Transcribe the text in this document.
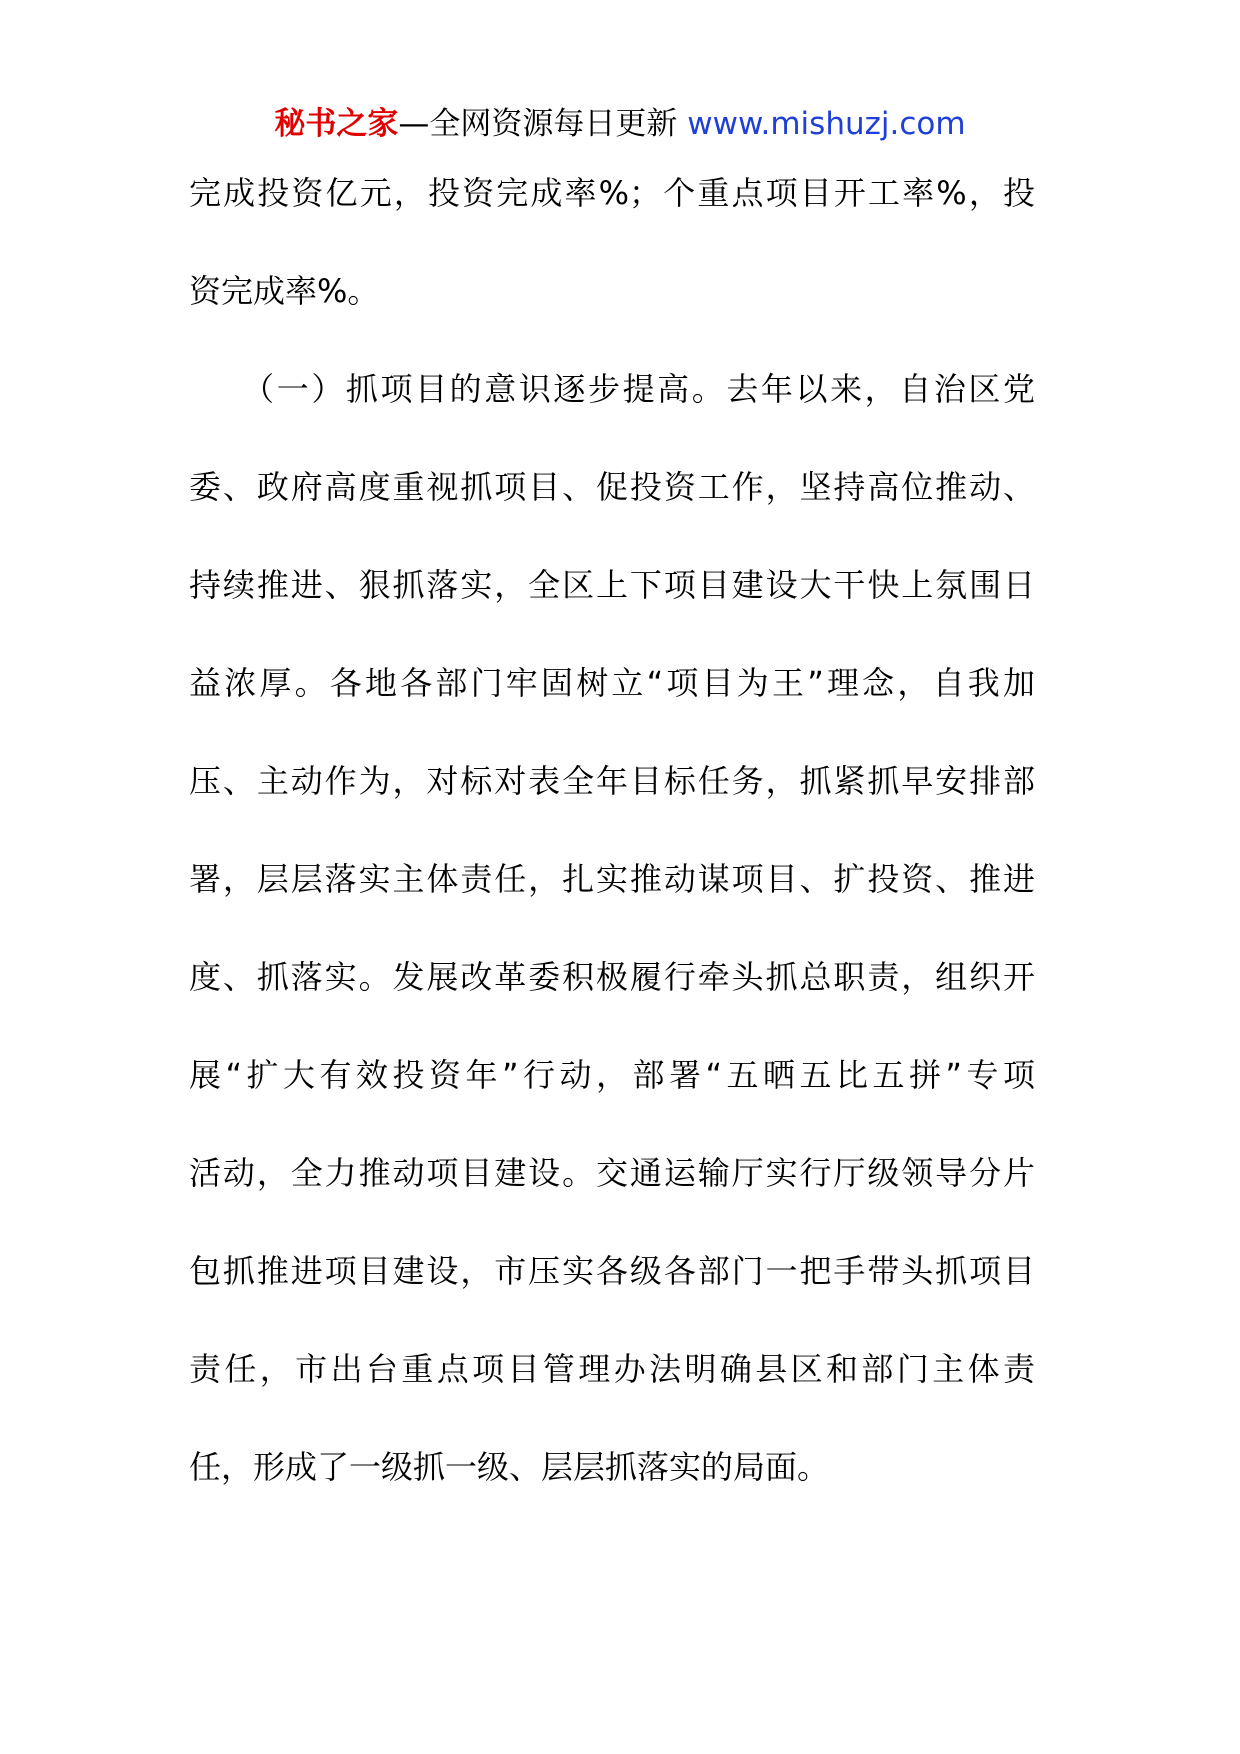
秘书之家—全网资源每日更新 www.mishuzj.com
完成投资亿元，投资完成率%；个重点项目开工率%，投
资完成率%。
　　（一）抓项目的意识逐步提高。去年以来，自治区党
委、政府高度重视抓项目、促投资工作，坚持高位推动、
持续推进、狠抓落实，全区上下项目建设大干快上氛围日
益浓厚。各地各部门牢固树立“项目为王”理念，自我加
压、主动作为，对标对表全年目标任务，抓紧抓早安排部
署，层层落实主体责任，扎实推动谋项目、扩投资、推进
度、抓落实。发展改革委积极履行牵头抓总职责，组织开
展“扩大有效投资年”行动，部署“五晒五比五拼”专项
活动，全力推动项目建设。交通运输厅实行厅级领导分片
包抓推进项目建设，市压实各级各部门一把手带头抓项目
责任，市出台重点项目管理办法明确县区和部门主体责
任，形成了一级抓一级、层层抓落实的局面。
